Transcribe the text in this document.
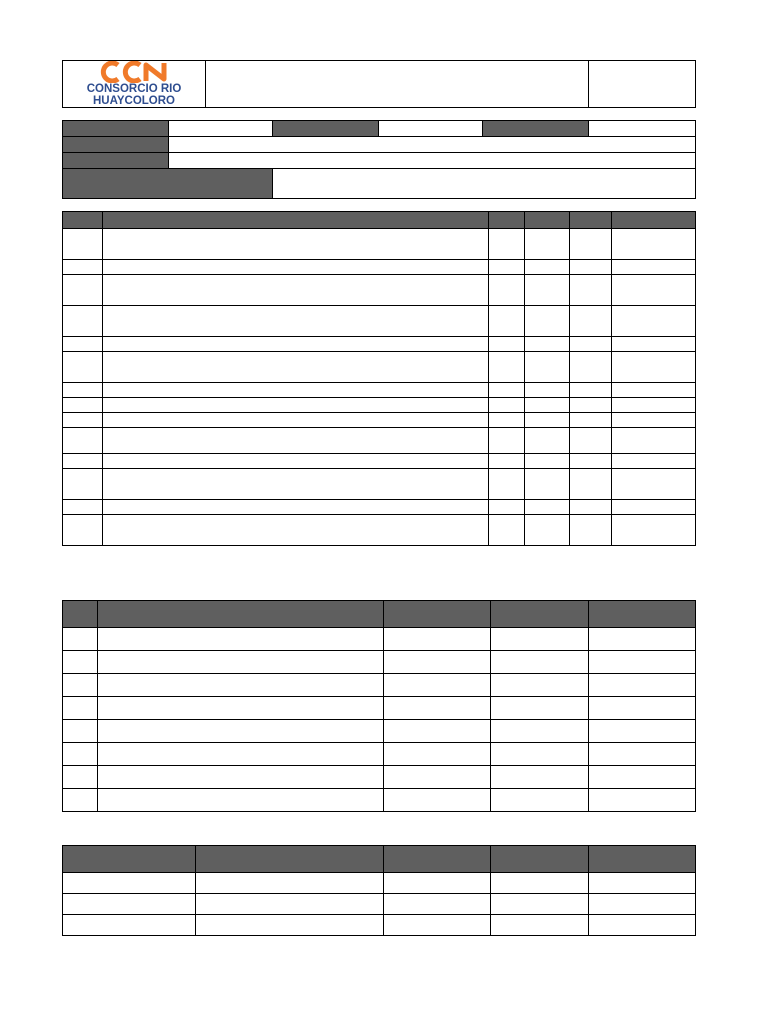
CONSORCIO RIO
HUAYCOLORO
